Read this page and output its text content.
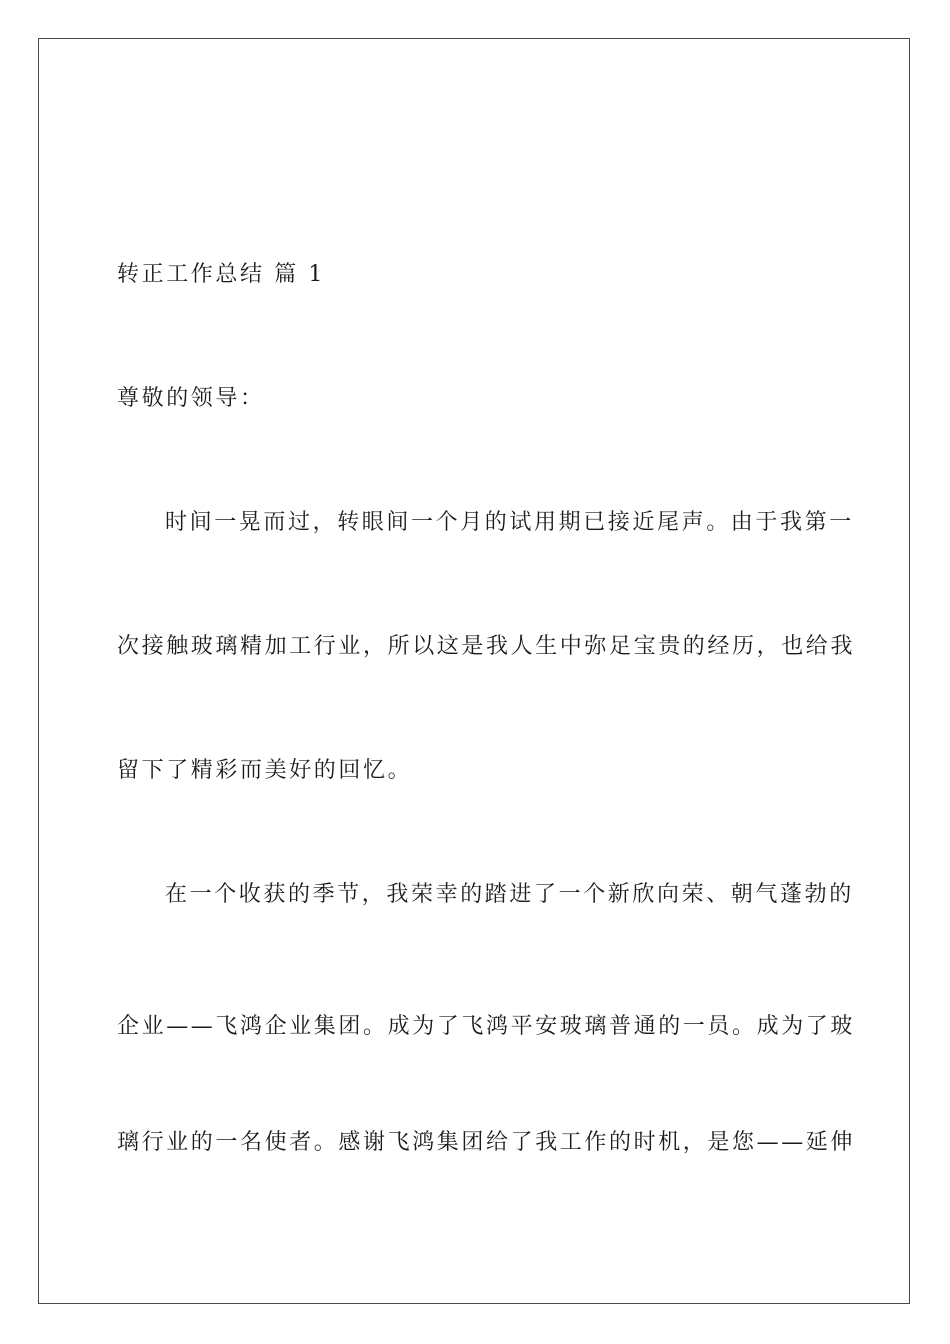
转正工作总结 篇 1
尊敬的领导：
时间一晃而过，转眼间一个月的试用期已接近尾声。由于我第一
次接触玻璃精加工行业，所以这是我人生中弥足宝贵的经历，也给我
留下了精彩而美好的回忆。
在一个收获的季节，我荣幸的踏进了一个新欣向荣、朝气蓬勃的
企业——飞鸿企业集团。成为了飞鸿平安玻璃普通的一员。成为了玻
璃行业的一名使者。感谢飞鸿集团给了我工作的时机，是您——延伸
